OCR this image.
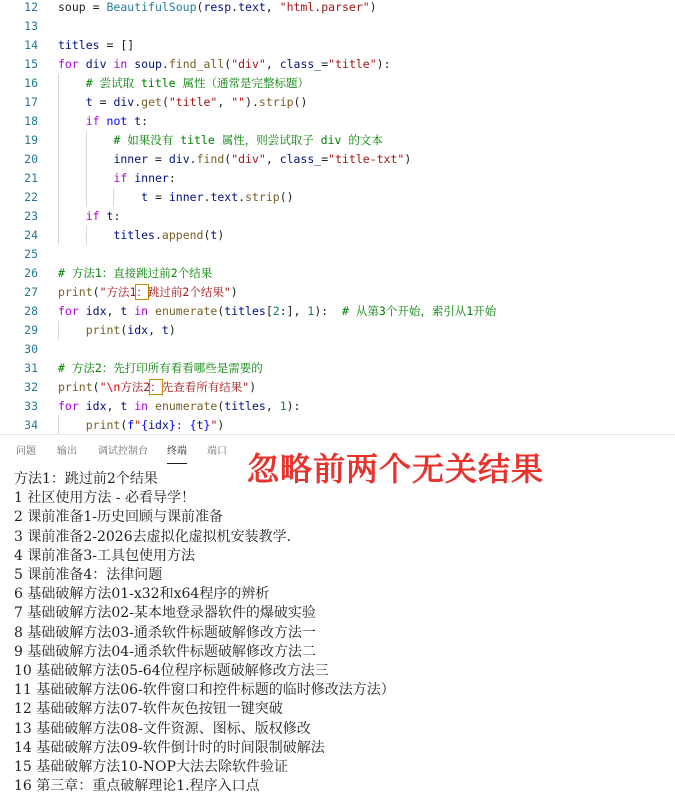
12 soup = BeautifulSoup(resp.text, "html.parser")
13
14 titles = []
15 for div in soup.find_all("div", class_="title"):
16	# 尝试取 title 属性（通常是完整标题）
17	t = div.get("title", "").strip()
18	if not t:
19	# 如果没有 title 属性，则尝试取子 div 的文本
20	inner = div.find("div", class_="title-txt")
21	if inner:
22	t = inner.text.strip()
23	if t:
24	titles.append(t)
25
26 # 方法1：直接跳过前2个结果
27 print("方法1：跳过前2个结果")
28 for idx, t in enumerate(titles[2:], 1):  # 从第3个开始，索引从1开始
29	print(idx, t)
30
31 # 方法2：先打印所有看看哪些是需要的
32 print("\n方法2：先查看所有结果")
33 for idx, t in enumerate(titles, 1):
34	print(f"{idx}: {t}")
问题 输出 调试控制台 终端 端口 忽略前两个无关结果
方法1：跳过前2个结果
1 社区使用方法 - 必看导学！
2 课前准备1-历史回顾与课前准备
3 课前准备2-2026去虚拟化虚拟机安装教学.
4 课前准备3-工具包使用方法
5 课前准备4：法律问题
6 基础破解方法01-x32和x64程序的辨析
7 基础破解方法02-某本地登录器软件的爆破实验
8 基础破解方法03-通杀软件标题破解修改方法一
9 基础破解方法04-通杀软件标题破解修改方法二
10 基础破解方法05-64位程序标题破解修改方法三
11 基础破解方法06-软件窗口和控件标题的临时修改法方法）
12 基础破解方法07-软件灰色按钮一键突破
13 基础破解方法08-文件资源、图标、版权修改
14 基础破解方法09-软件倒计时的时间限制破解法
15 基础破解方法10-NOP大法去除软件验证
16 第三章：重点破解理论1.程序入口点
